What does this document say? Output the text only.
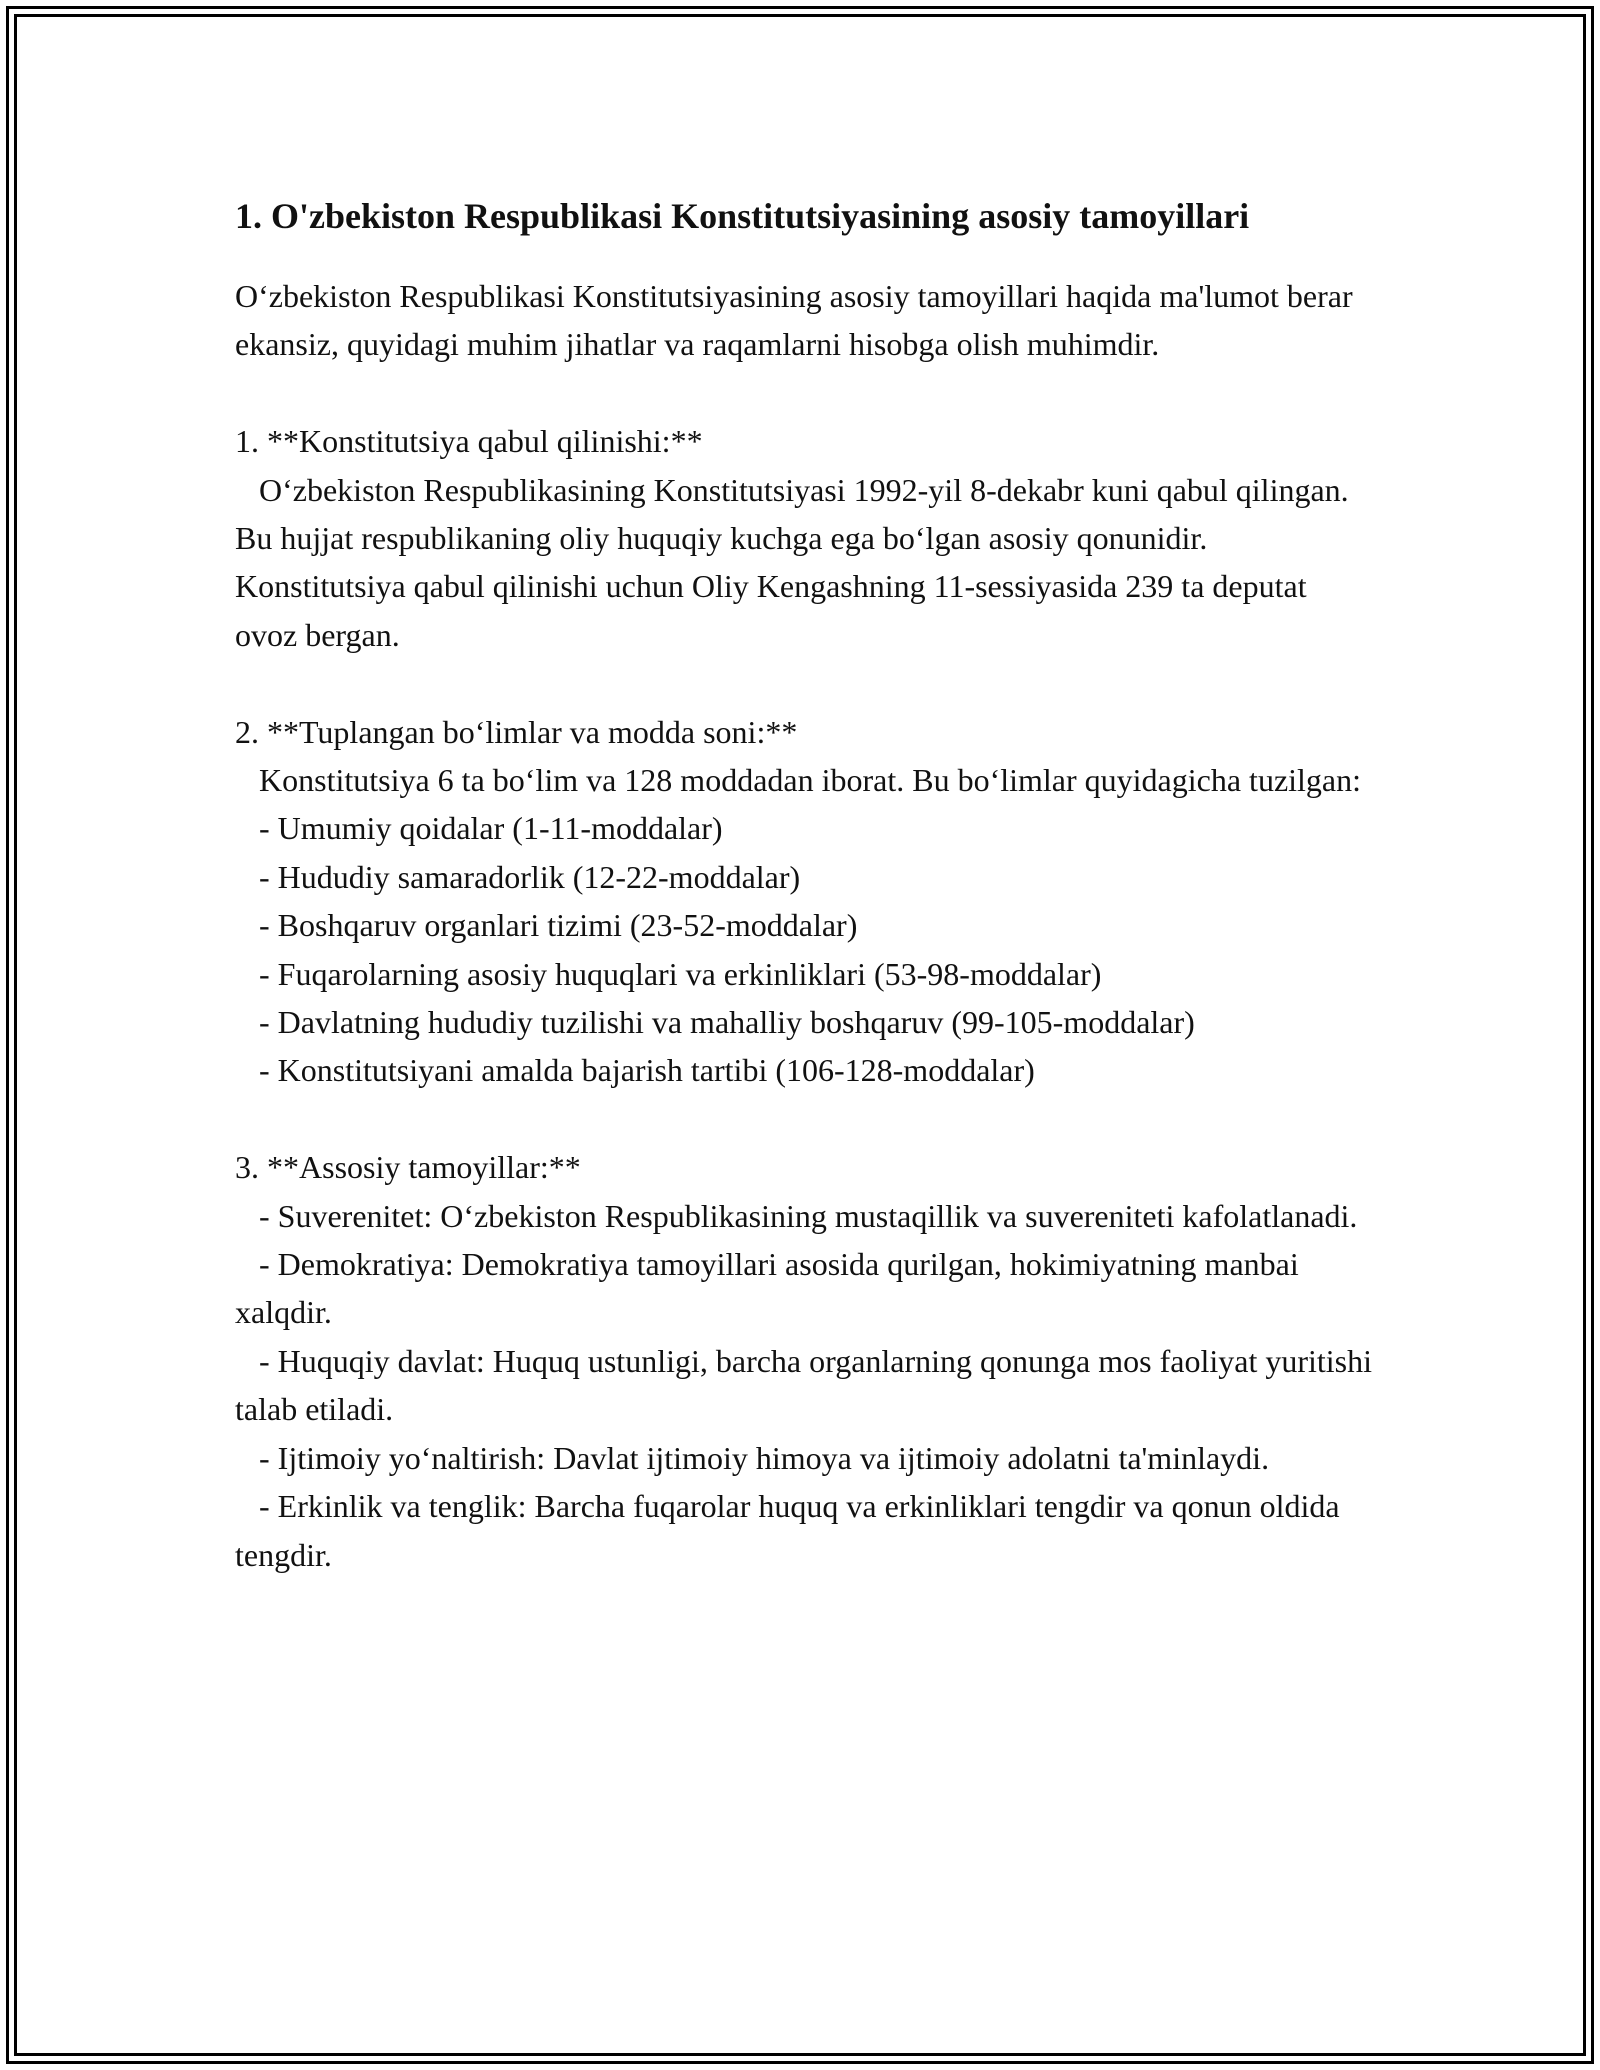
1. O'zbekiston Respublikasi Konstitutsiyasining asosiy tamoyillari

O‘zbekiston Respublikasi Konstitutsiyasining asosiy tamoyillari haqida ma'lumot berar ekansiz, quyidagi muhim jihatlar va raqamlarni hisobga olish muhimdir.

1. **Konstitutsiya qabul qilinishi:**

O‘zbekiston Respublikasining Konstitutsiyasi 1992-yil 8-dekabr kuni qabul qilingan. Bu hujjat respublikaning oliy huquqiy kuchga ega bo‘lgan asosiy qonunidir. Konstitutsiya qabul qilinishi uchun Oliy Kengashning 11-sessiyasida 239 ta deputat ovoz bergan.

2. **Tuplangan bo‘limlar va modda soni:**

Konstitutsiya 6 ta bo‘lim va 128 moddadan iborat. Bu bo‘limlar quyidagicha tuzilgan:

- Umumiy qoidalar (1-11-moddalar)

- Hududiy samaradorlik (12-22-moddalar)

- Boshqaruv organlari tizimi (23-52-moddalar)

- Fuqarolarning asosiy huquqlari va erkinliklari (53-98-moddalar)

- Davlatning hududiy tuzilishi va mahalliy boshqaruv (99-105-moddalar)

- Konstitutsiyani amalda bajarish tartibi (106-128-moddalar)

3. **Assosiy tamoyillar:**

- Suverenitet: O‘zbekiston Respublikasining mustaqillik va suvereniteti kafolatlanadi.

- Demokratiya: Demokratiya tamoyillari asosida qurilgan, hokimiyatning manbai xalqdir.

- Huquqiy davlat: Huquq ustunligi, barcha organlarning qonunga mos faoliyat yuritishi talab etiladi.

- Ijtimoiy yo‘naltirish: Davlat ijtimoiy himoya va ijtimoiy adolatni ta'minlaydi.

- Erkinlik va tenglik: Barcha fuqarolar huquq va erkinliklari tengdir va qonun oldida tengdir.
